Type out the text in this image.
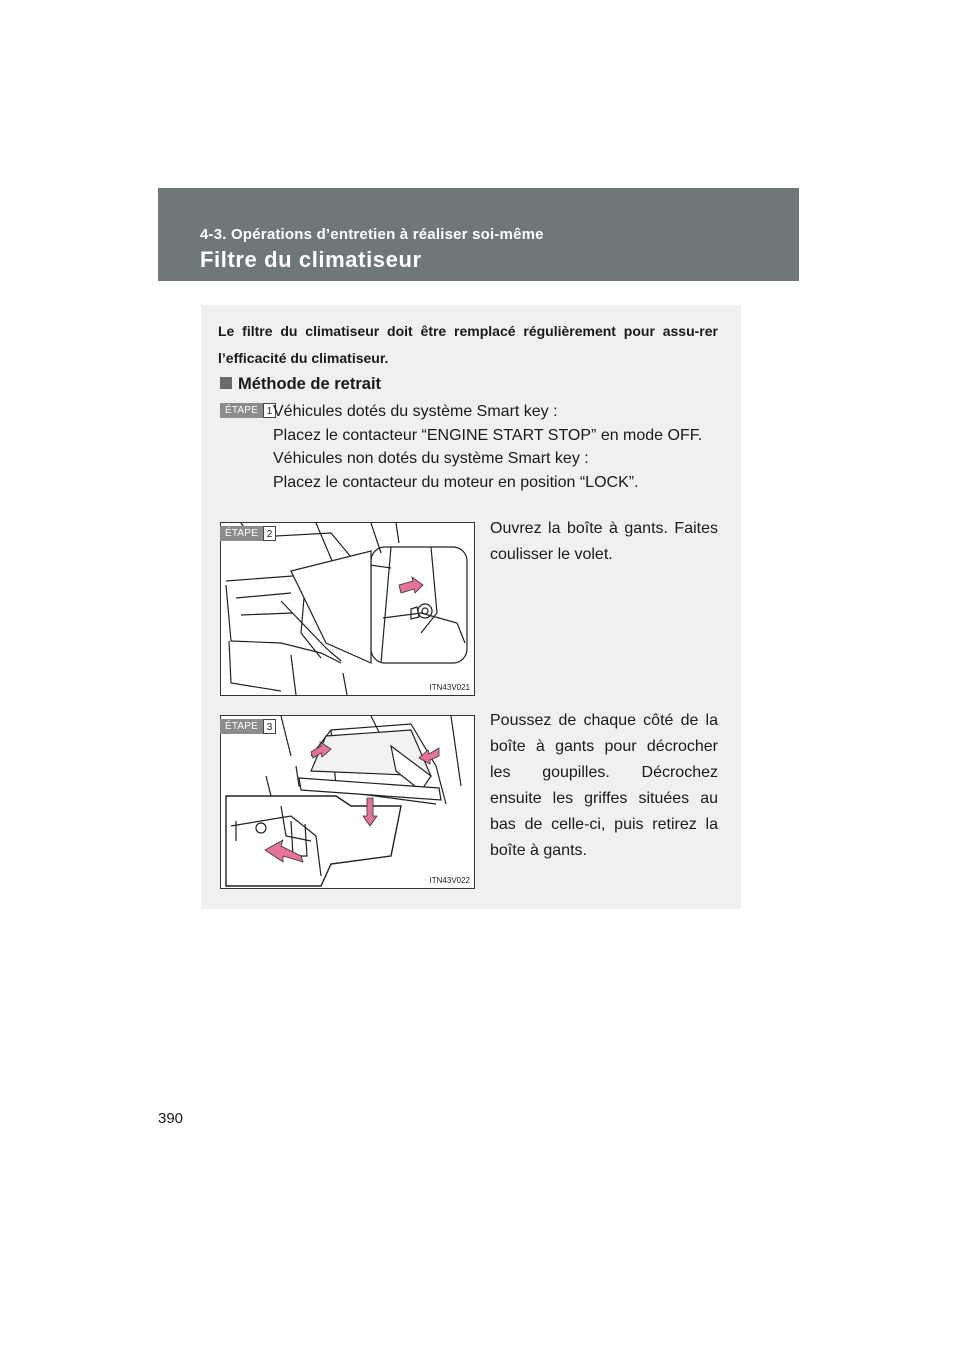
4-3. Opérations d’entretien à réaliser soi-même
Filtre du climatiseur
Le filtre du climatiseur doit être remplacé régulièrement pour assu-rer l’efficacité du climatiseur.
Méthode de retrait
ÉTAPE 1 Véhicules dotés du système Smart key :
Placez le contacteur “ENGINE START STOP” en mode OFF.
Véhicules non dotés du système Smart key :
Placez le contacteur du moteur en position “LOCK”.
ITN43V021
ÉTAPE 2	Ouvrez la boîte à gants. Faites coulisser le volet.
ITN43V022
ÉTAPE 3	Poussez de chaque côté de la boîte à gants pour décrocher les goupilles. Décrochez ensuite les griffes situées au bas de celle-ci, puis retirez la boîte à gants.
390
